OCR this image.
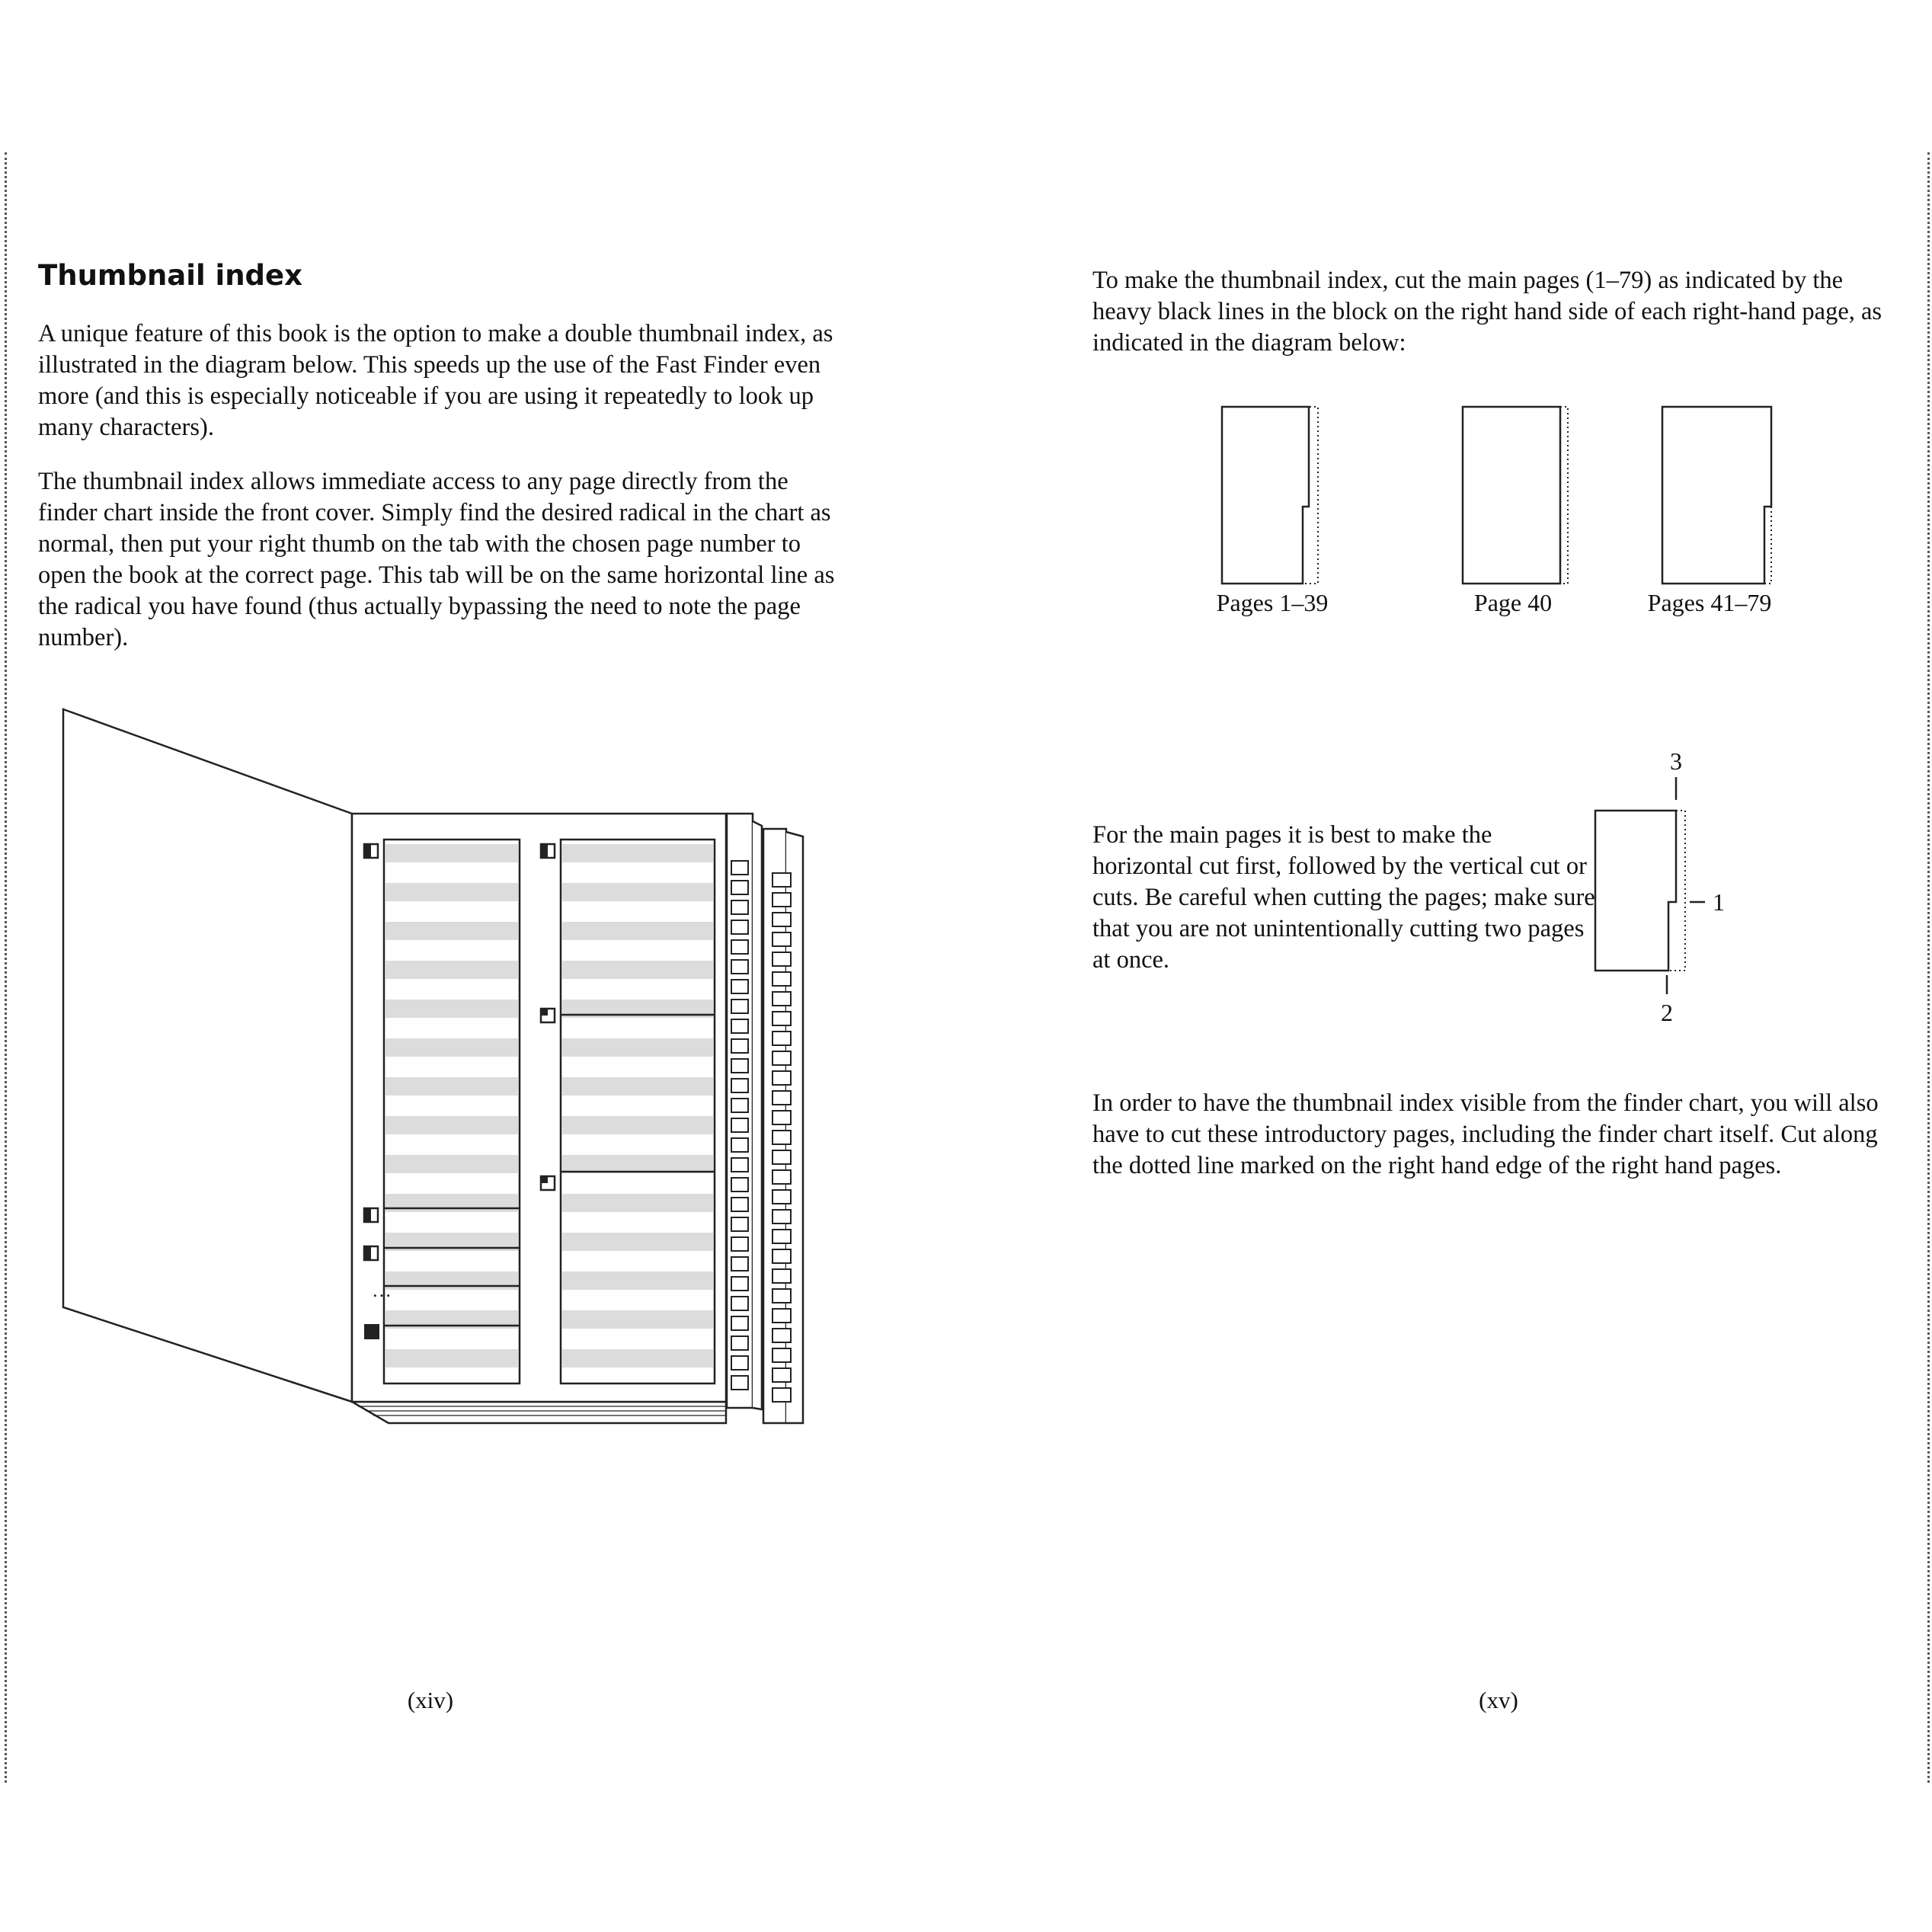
Thumbnail index

A unique feature of this book is the option to make a double thumbnail index, as illustrated in the diagram below. This speeds up the use of the Fast Finder even more (and this is especially noticeable if you are using it repeatedly to look up many characters).

The thumbnail index allows immediate access to any page directly from the finder chart inside the front cover. Simply find the desired radical in the chart as normal, then put your right thumb on the tab with the chosen page number to open the book at the correct page. This tab will be on the same horizontal line as the radical you have found (thus actually bypassing the need to note the page number).

…
(xiv)

To make the thumbnail index, cut the main pages (1–79) as indicated by the heavy black lines in the block on the right hand side of each right-hand page, as indicated in the diagram below:

Pages 1–39	Page 40	Pages 41–79

For the main pages it is best to make the horizontal cut first, followed by the vertical cut or cuts. Be careful when cutting the pages; make sure that you are not unintentionally cutting two pages at once.

1
2
3

In order to have the thumbnail index visible from the finder chart, you will also have to cut these introductory pages, including the finder chart itself. Cut along the dotted line marked on the right hand edge of the right hand pages.

(xv)
